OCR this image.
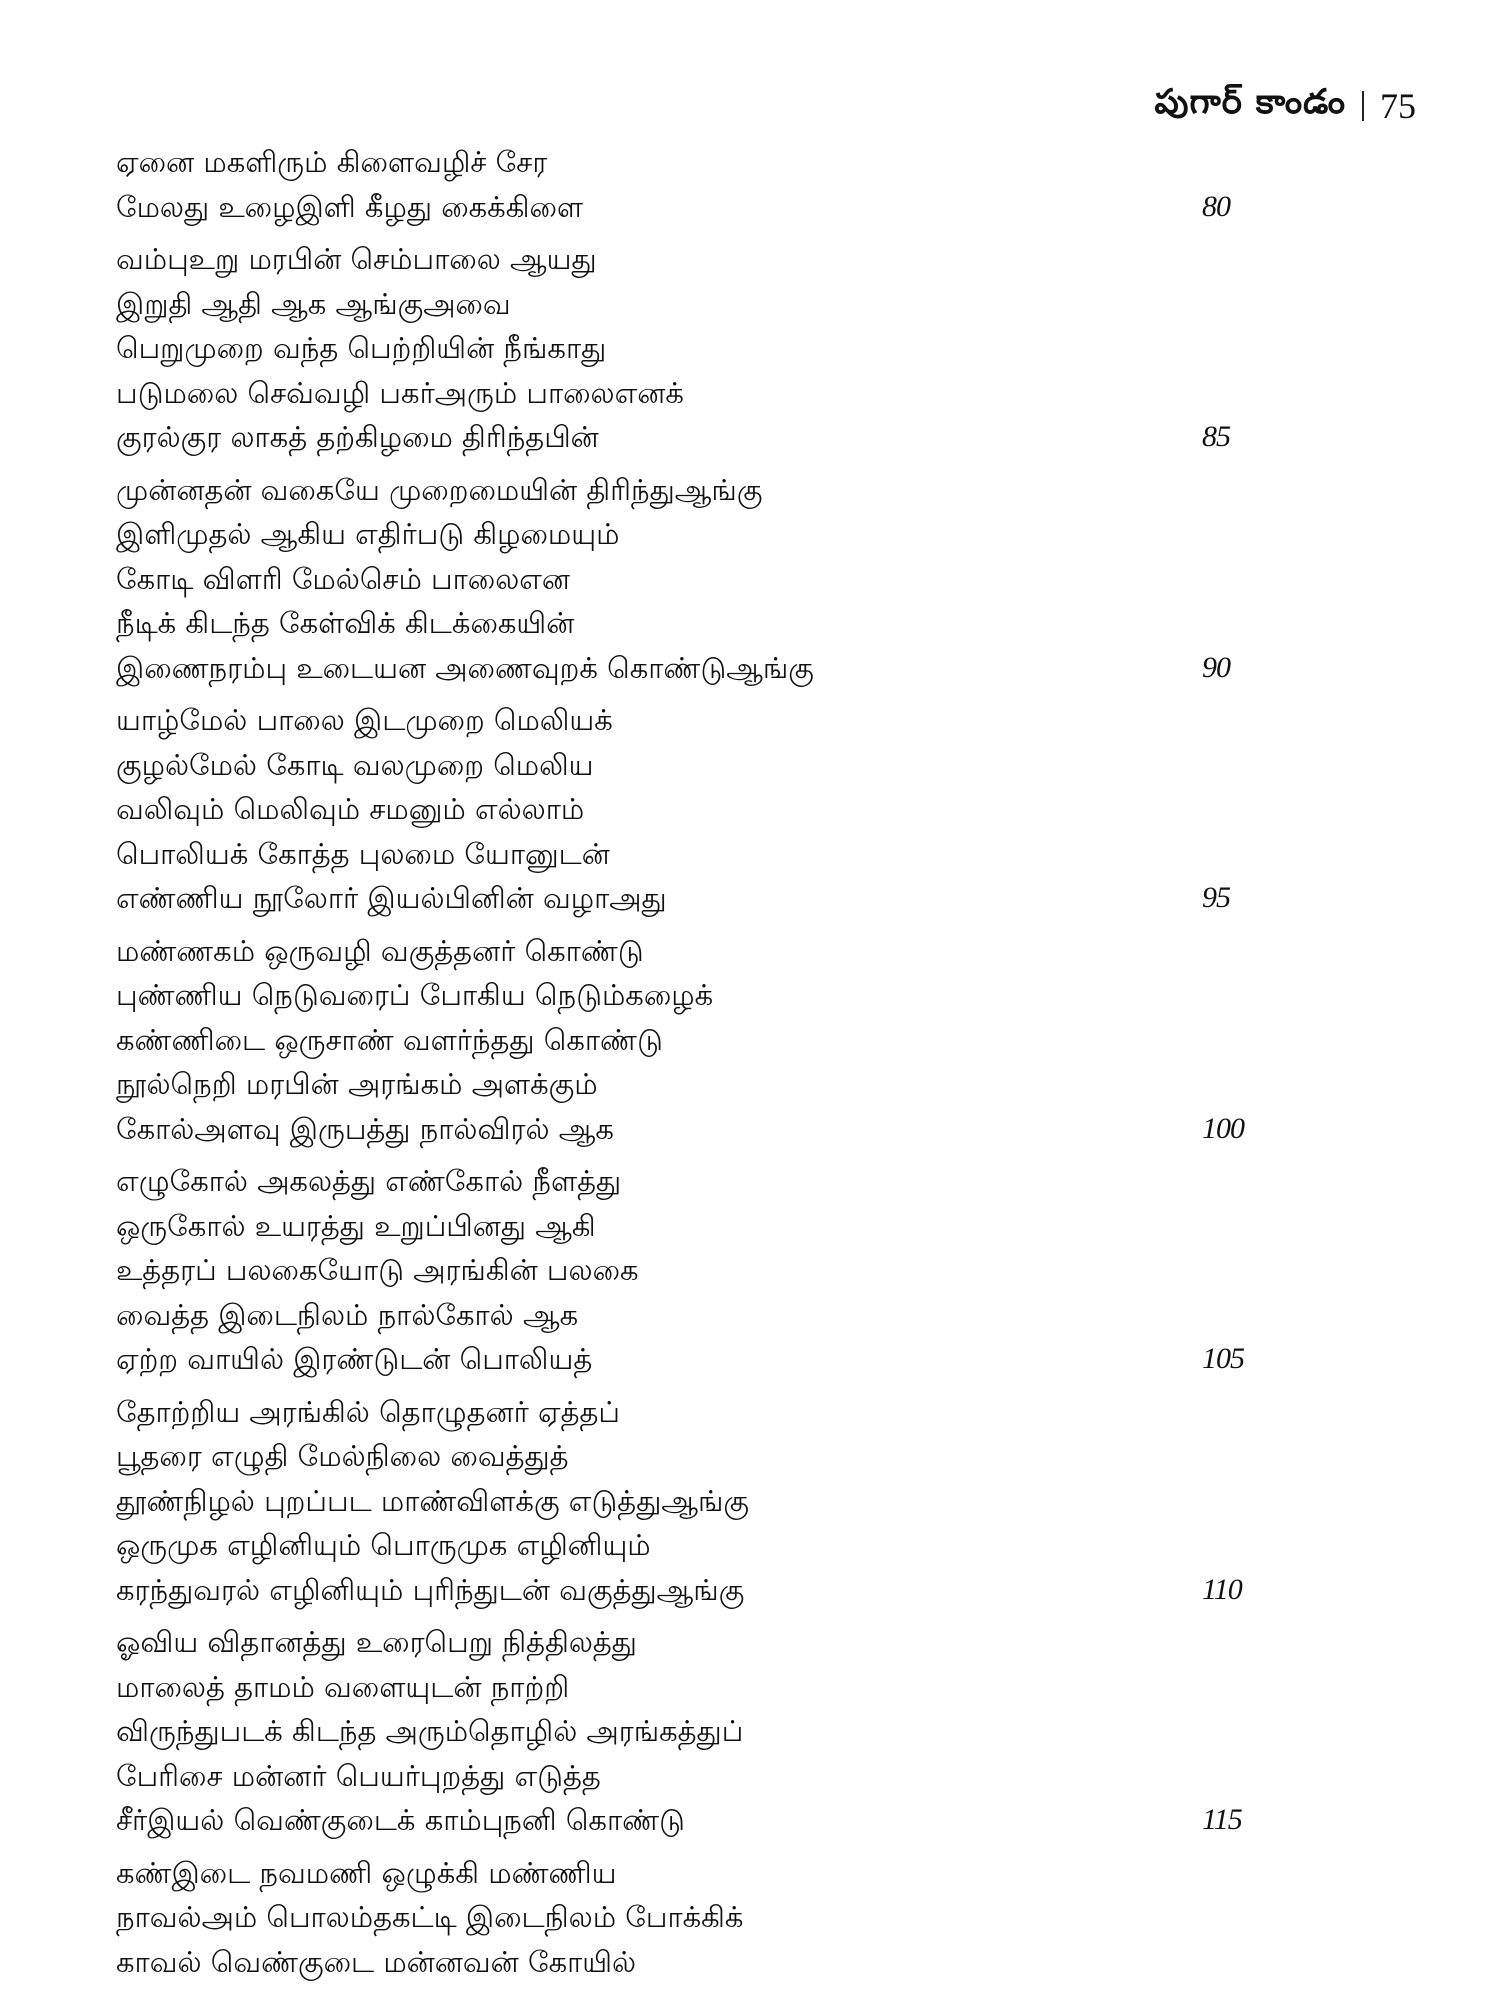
పుగార్ కాండం 75
ஏனை மகளிரும் கிளைவழிச் சேர
மேலது உழைஇளி கீழது கைக்கிளை	80
வம்புஉறு மரபின் செம்பாலை ஆயது
இறுதி ஆதி ஆக ஆங்குஅவை
பெறுமுறை வந்த பெற்றியின் நீங்காது
படுமலை செவ்வழி பகர்அரும் பாலைஎனக்
குரல்குர லாகத் தற்கிழமை திரிந்தபின்	85
முன்னதன் வகையே முறைமையின் திரிந்துஆங்கு
இளிமுதல் ஆகிய எதிர்படு கிழமையும்
கோடி விளரி மேல்செம் பாலைஎன
நீடிக் கிடந்த கேள்விக் கிடக்கையின்
இணைநரம்பு உடையன அணைவுறக் கொண்டுஆங்கு	90
யாழ்மேல் பாலை இடமுறை மெலியக்
குழல்மேல் கோடி வலமுறை மெலிய
வலிவும் மெலிவும் சமனும் எல்லாம்
பொலியக் கோத்த புலமை யோனுடன்
எண்ணிய நூலோர் இயல்பினின் வழாஅது	95
மண்ணகம் ஒருவழி வகுத்தனர் கொண்டு
புண்ணிய நெடுவரைப் போகிய நெடும்கழைக்
கண்ணிடை ஒருசாண் வளர்ந்தது கொண்டு
நூல்நெறி மரபின் அரங்கம் அளக்கும்
கோல்அளவு இருபத்து நால்விரல் ஆக	100
எழுகோல் அகலத்து எண்கோல் நீளத்து
ஒருகோல் உயரத்து உறுப்பினது ஆகி
உத்தரப் பலகையோடு அரங்கின் பலகை
வைத்த இடைநிலம் நால்கோல் ஆக
ஏற்ற வாயில் இரண்டுடன் பொலியத்	105
தோற்றிய அரங்கில் தொழுதனர் ஏத்தப்
பூதரை எழுதி மேல்நிலை வைத்துத்
தூண்நிழல் புறப்பட மாண்விளக்கு எடுத்துஆங்கு
ஒருமுக எழினியும் பொருமுக எழினியும்
கரந்துவரல் எழினியும் புரிந்துடன் வகுத்துஆங்கு	110
ஓவிய விதானத்து உரைபெறு நித்திலத்து
மாலைத் தாமம் வளையுடன் நாற்றி
விருந்துபடக் கிடந்த அரும்தொழில் அரங்கத்துப்
பேரிசை மன்னர் பெயர்புறத்து எடுத்த
சீர்இயல் வெண்குடைக் காம்புநனி கொண்டு	115
கண்இடை நவமணி ஒழுக்கி மண்ணிய
நாவல்அம் பொலம்தகட்டி இடைநிலம் போக்கிக்
காவல் வெண்குடை மன்னவன் கோயில்
